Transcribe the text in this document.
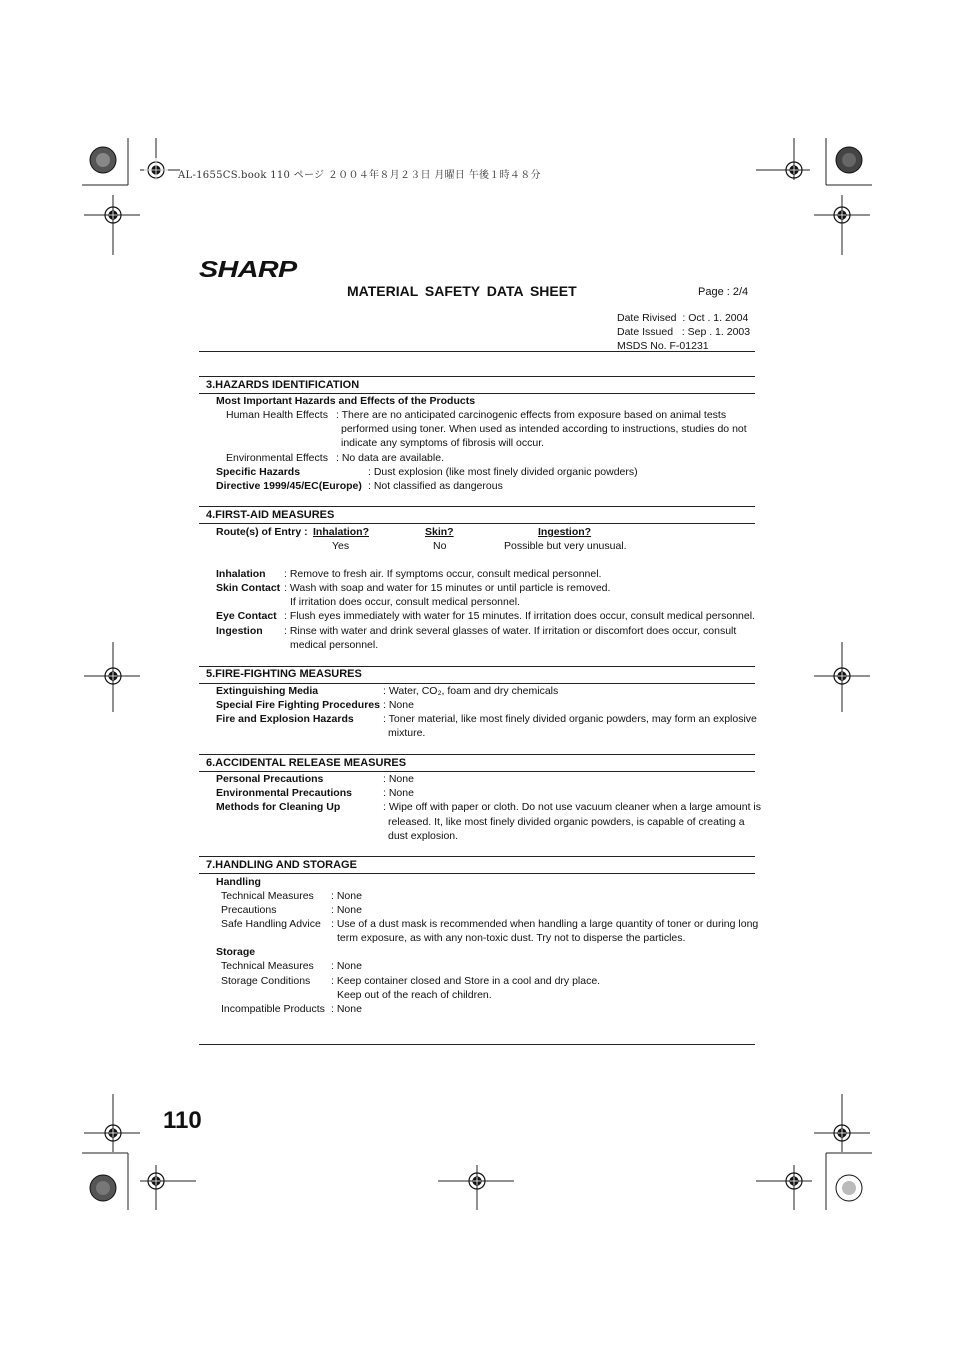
AL-1655CS.book 110 ページ ２００４年８月２３日 月曜日 午後１時４８分
SHARP
MATERIAL SAFETY DATA SHEET	Page : 2/4
Date Rivised  : Oct . 1. 2004
Date Issued   : Sep . 1. 2003
MSDS No. F-01231
3.HAZARDS IDENTIFICATION
Most Important Hazards and Effects of the Products
Human Health Effects : There are no anticipated carcinogenic effects from exposure based on animal tests
performed using toner. When used as intended according to instructions, studies do not
indicate any symptoms of fibrosis will occur.
Environmental Effects : No data are available.
Specific Hazards	: Dust explosion (like most finely divided organic powders)
Directive 1999/45/EC(Europe) : Not classified as dangerous
4.FIRST-AID MEASURES
Route(s) of Entry : Inhalation?	Skin?	Ingestion?
Yes	No	Possible but very unusual.
Inhalation : Remove to fresh air. If symptoms occur, consult medical personnel.
Skin Contact : Wash with soap and water for 15 minutes or until particle is removed.
If irritation does occur, consult medical personnel.
Eye Contact : Flush eyes immediately with water for 15 minutes. If irritation does occur, consult medical personnel.
Ingestion : Rinse with water and drink several glasses of water. If irritation or discomfort does occur, consult
medical personnel.
5.FIRE-FIGHTING MEASURES
Extinguishing Media	: Water, CO₂, foam and dry chemicals
Special Fire Fighting Procedures : None
Fire and Explosion Hazards	: Toner material, like most finely divided organic powders, may form an explosive
mixture.
6.ACCIDENTAL RELEASE MEASURES
Personal Precautions	: None
Environmental Precautions	: None
Methods for Cleaning Up	: Wipe off with paper or cloth. Do not use vacuum cleaner when a large amount is
released. It, like most finely divided organic powders, is capable of creating a
dust explosion.
7.HANDLING AND STORAGE
Handling
Technical Measures : None
Precautions	: None
Safe Handling Advice : Use of a dust mask is recommended when handling a large quantity of toner or during long
term exposure, as with any non-toxic dust. Try not to disperse the particles.
Storage
Technical Measures : None
Storage Conditions : Keep container closed and Store in a cool and dry place.
Keep out of the reach of children.
Incompatible Products : None
110
